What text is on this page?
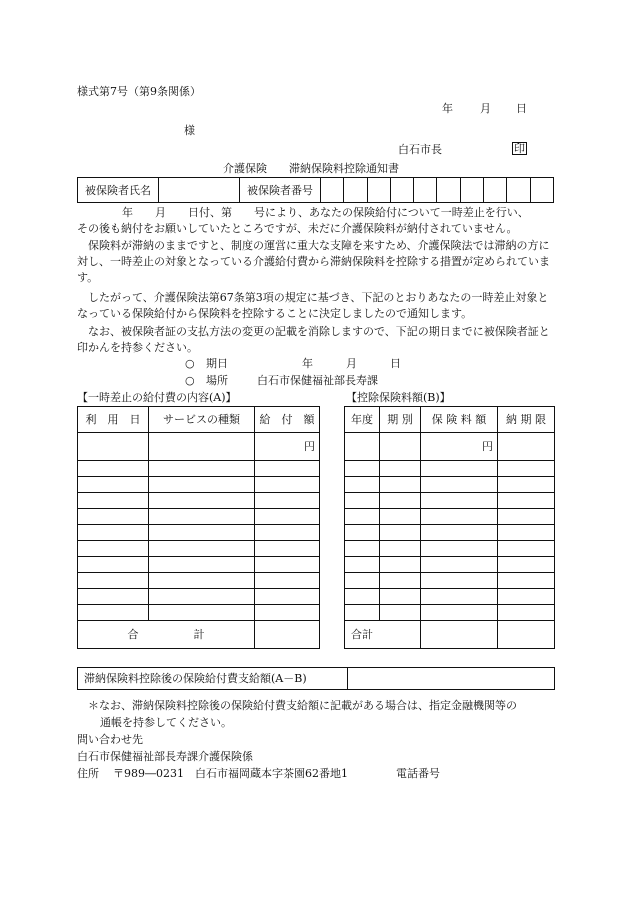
様式第7号（第9条関係）
年 月 日
様
白石市長	印
介護保険　　滞納保険料控除通知書
被保険者氏名		被保険者番号										
年　　月　　日付、第　　号により、あなたの保険給付について一時差止を行い、
その後も納付をお願いしていたところですが、未だに介護保険料が納付されていません。
保険料が滞納のままですと、制度の運営に重大な支障を来すため、介護保険法では滞納の方に対し、一時差止の対象となっている介護給付費から滞納保険料を控除する措置が定められています。
したがって、介護保険法第67条第3項の規定に基づき、下記のとおりあなたの一時差止対象となっている保険給付から保険料を控除することに決定しましたので通知します。
なお、被保険者証の支払方法の変更の記載を消除しますので、下記の期日までに被保険者証と印かんを持参ください。
○ 期日	年　　　月　　　日
○ 場所	白石市保健福祉部長寿課
【一時差止の給付費の内容(A)】	【控除保険料額(B)】
利　用　日	サービスの種類	給　付　額
		円

合　　　　　計		
年度	期 別	保 険 料 額	納 期 限
		円	

合計			
滞納保険料控除後の保険給付費支給額(A－B)	
＊なお、滞納保険料控除後の保険給付費支給額に記載がある場合は、指定金融機関等の
通帳を持参してください。
問い合わせ先
白石市保健福祉部長寿課介護保険係
住所 〒989―0231　白石市福岡蔵本字茶園62番地1	電話番号
